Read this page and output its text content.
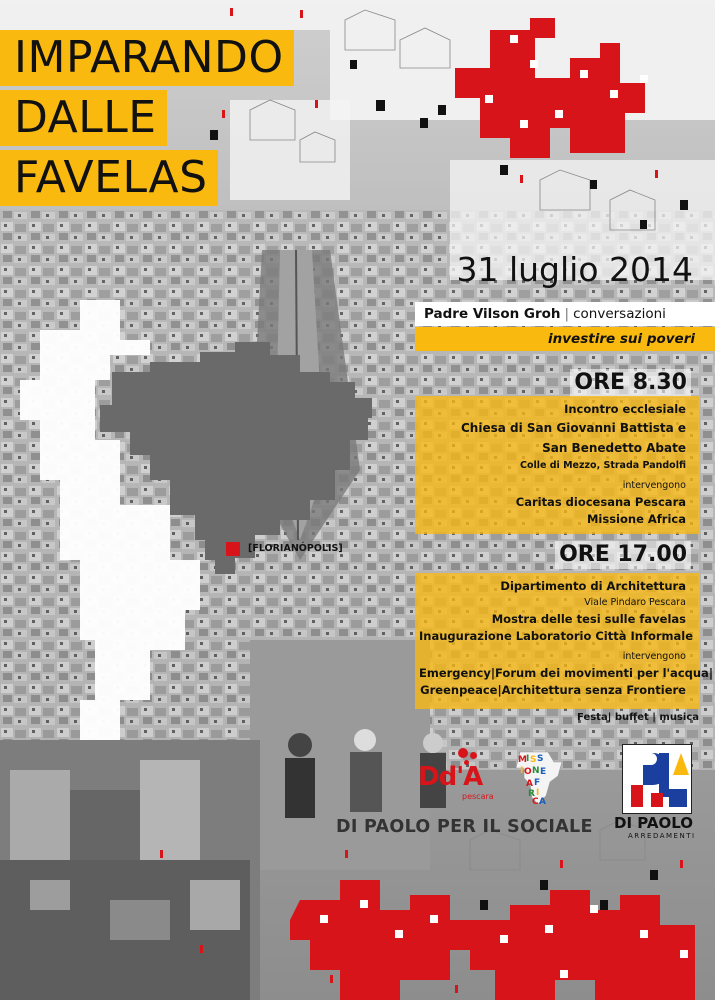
IMPARANDO
DALLE
FAVELAS
31 luglio 2014
Padre Vilson Groh | conversazioni
investire sui poveri
[FLORIANÓPOLIS]
ORE 8.30
Incontro ecclesiale
Chiesa di San Giovanni Battista e
San Benedetto Abate
Colle di Mezzo, Strada Pandolfi
intervengono
Caritas diocesana Pescara
Missione Africa
ORE 17.00
Dipartimento di Architettura
Viale Pindaro Pescara
Mostra delle tesi sulle favelas
Inaugurazione Laboratorio Città Informale
intervengono
Emergency|Forum dei movimenti per l'acqua|
Greenpeace|Architettura senza Frontiere
Festa| buffet | musica
Dd'A
pescara
M I S S
I O N E
A F
R I
C A
DI PAOLO
ARREDAMENTI
DI PAOLO PER IL SOCIALE
